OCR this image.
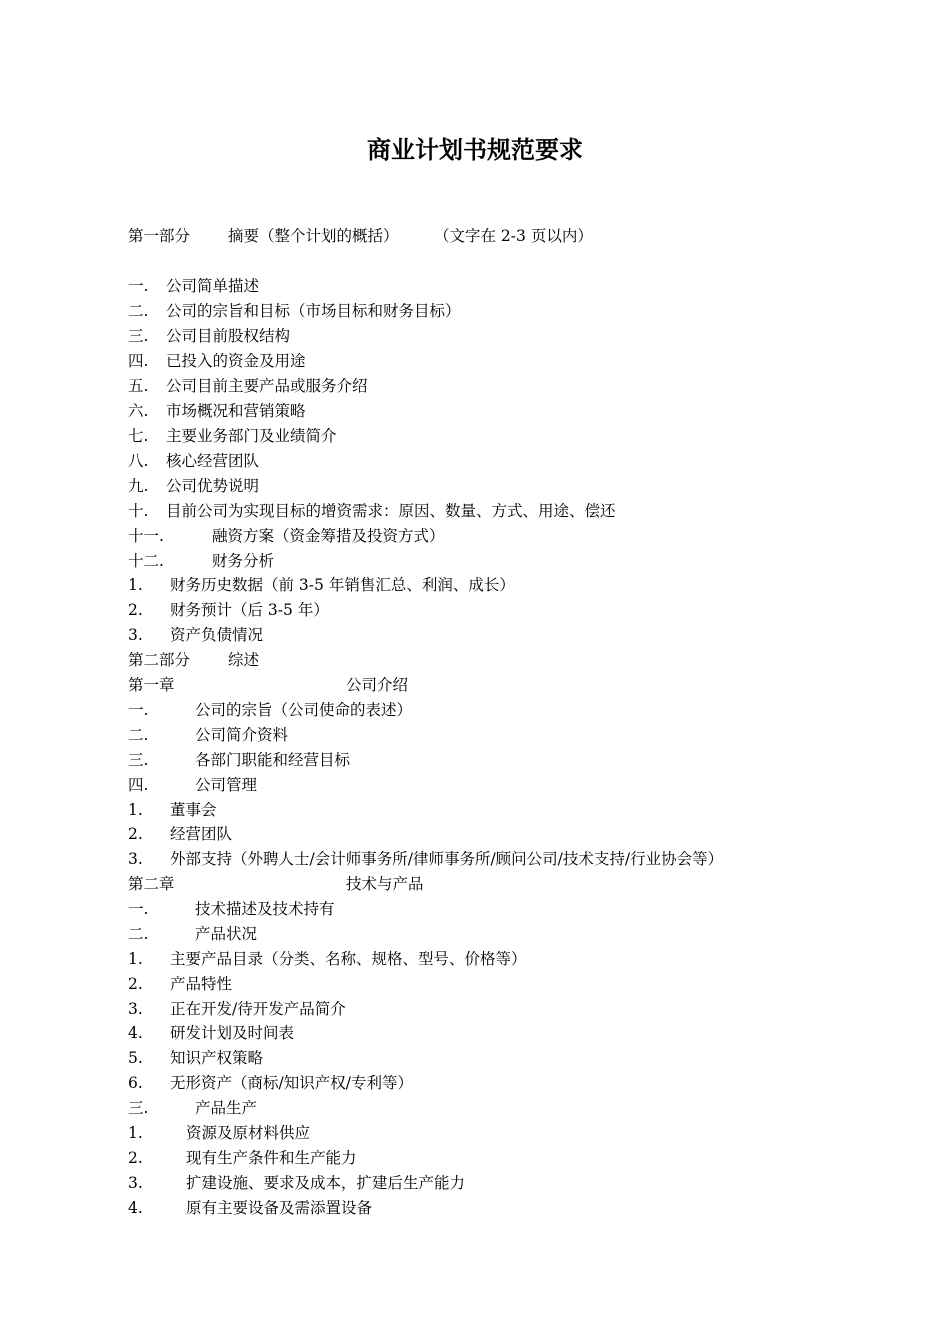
商业计划书规范要求
第一部分 摘要（整个计划的概括） （文字在 2-3 页以内）
一. 公司简单描述
二. 公司的宗旨和目标（市场目标和财务目标）
三. 公司目前股权结构
四. 已投入的资金及用途
五. 公司目前主要产品或服务介绍
六. 市场概况和营销策略
七. 主要业务部门及业绩简介
八. 核心经营团队
九. 公司优势说明
十. 目前公司为实现目标的增资需求：原因、数量、方式、用途、偿还
十一.	融资方案（资金筹措及投资方式）
十二.	财务分析
1. 财务历史数据（前 3-5 年销售汇总、利润、成长）
2. 财务预计（后 3-5 年）
3. 资产负债情况
第二部分 综述
第一章	公司介绍
一.	公司的宗旨（公司使命的表述）
二.	公司简介资料
三.	各部门职能和经营目标
四.	公司管理
1. 董事会
2. 经营团队
3. 外部支持（外聘人士/会计师事务所/律师事务所/顾问公司/技术支持/行业协会等）
第二章	技术与产品
一.	技术描述及技术持有
二.	产品状况
1. 主要产品目录（分类、名称、规格、型号、价格等）
2. 产品特性
3. 正在开发/待开发产品简介
4. 研发计划及时间表
5. 知识产权策略
6. 无形资产（商标/知识产权/专利等）
三.	产品生产
1.	资源及原材料供应
2.	现有生产条件和生产能力
3.	扩建设施、要求及成本，扩建后生产能力
4.	原有主要设备及需添置设备
